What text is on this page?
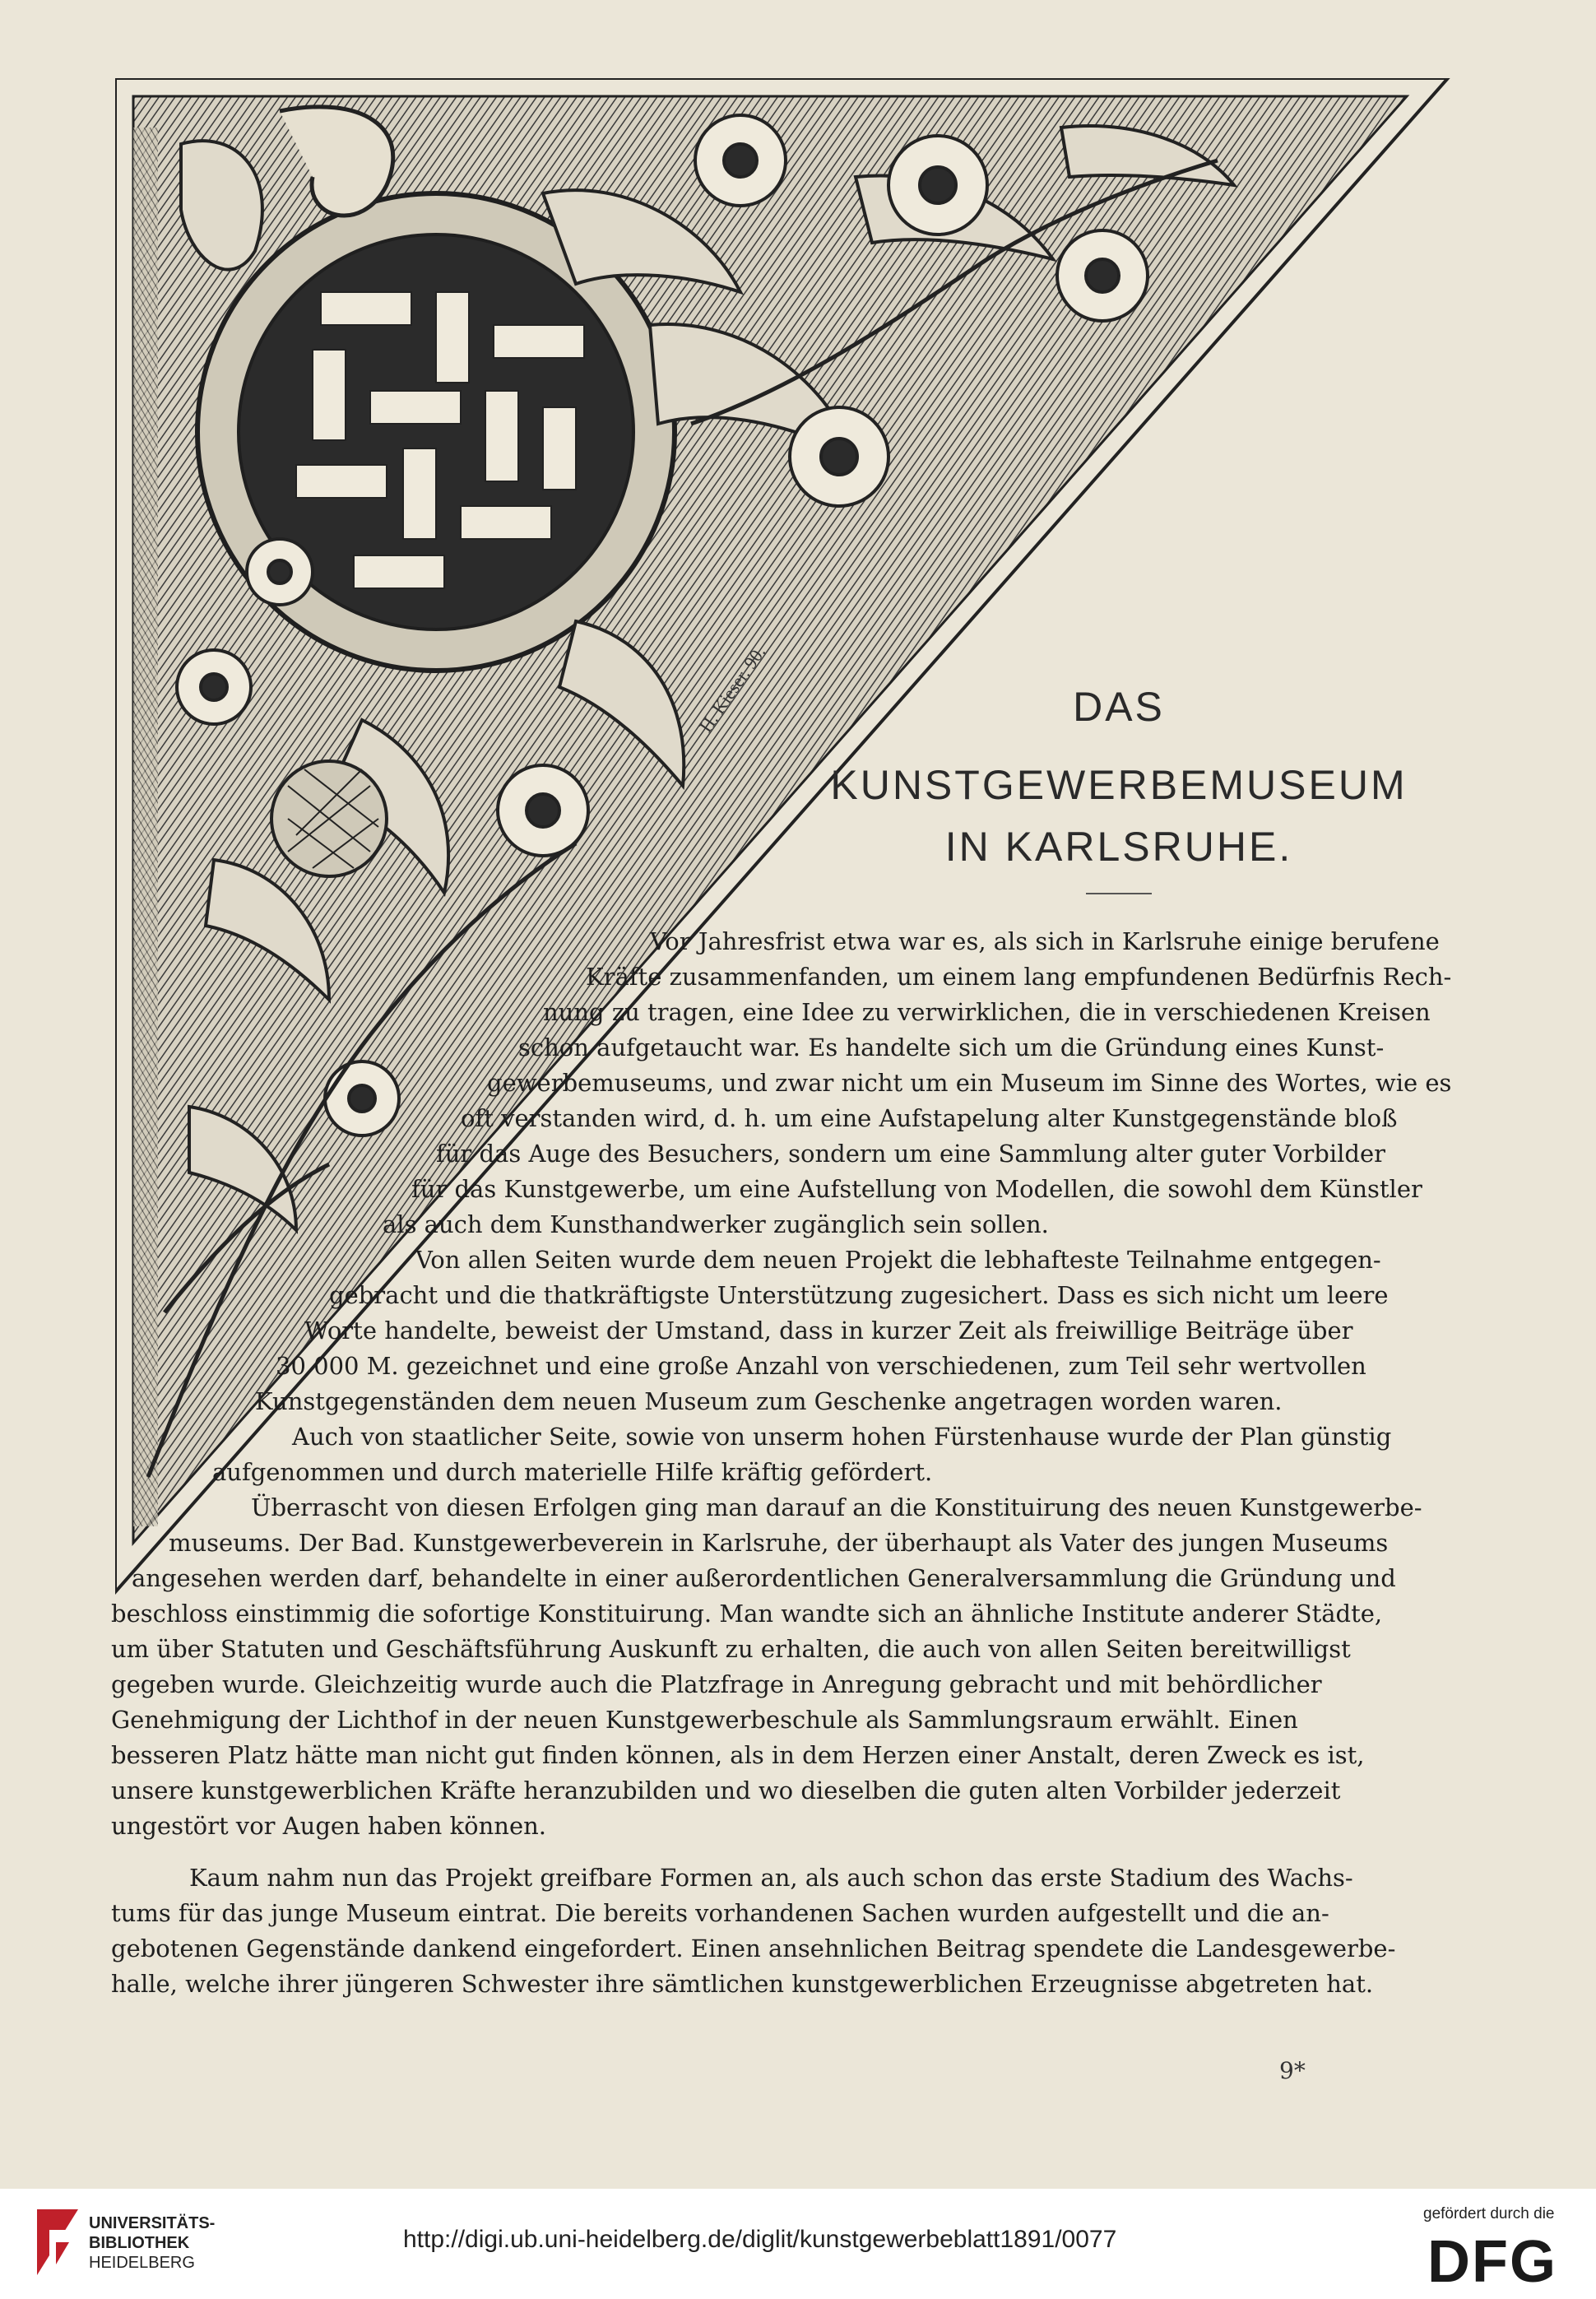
H. Kieser. 90.	DAS
KUNSTGEWERBEMUSEUM
IN KARLSRUHE.
Vor Jahresfrist etwa war es, als sich in Karlsruhe einige berufene
Kräfte zusammenfanden, um einem lang empfundenen Bedürfnis Rech-
nung zu tragen, eine Idee zu verwirklichen, die in verschiedenen Kreisen
schon aufgetaucht war. Es handelte sich um die Gründung eines Kunst-
gewerbemuseums, und zwar nicht um ein Museum im Sinne des Wortes, wie es
oft verstanden wird, d. h. um eine Aufstapelung alter Kunstgegenstände bloß
für das Auge des Besuchers, sondern um eine Sammlung alter guter Vorbilder
für das Kunstgewerbe, um eine Aufstellung von Modellen, die sowohl dem Künstler
als auch dem Kunsthandwerker zugänglich sein sollen.
Von allen Seiten wurde dem neuen Projekt die lebhafteste Teilnahme entgegen-
gebracht und die thatkräftigste Unterstützung zugesichert. Dass es sich nicht um leere
Worte handelte, beweist der Umstand, dass in kurzer Zeit als freiwillige Beiträge über
30 000 M. gezeichnet und eine große Anzahl von verschiedenen, zum Teil sehr wertvollen
Kunstgegenständen dem neuen Museum zum Geschenke angetragen worden waren.
Auch von staatlicher Seite, sowie von unserm hohen Fürstenhause wurde der Plan günstig
aufgenommen und durch materielle Hilfe kräftig gefördert.
Überrascht von diesen Erfolgen ging man darauf an die Konstituirung des neuen Kunstgewerbe-
museums. Der Bad. Kunstgewerbeverein in Karlsruhe, der überhaupt als Vater des jungen Museums
angesehen werden darf, behandelte in einer außerordentlichen Generalversammlung die Gründung und
beschloss einstimmig die sofortige Konstituirung. Man wandte sich an ähnliche Institute anderer Städte,
um über Statuten und Geschäftsführung Auskunft zu erhalten, die auch von allen Seiten bereitwilligst
gegeben wurde. Gleichzeitig wurde auch die Platzfrage in Anregung gebracht und mit behördlicher
Genehmigung der Lichthof in der neuen Kunstgewerbeschule als Sammlungsraum erwählt. Einen
besseren Platz hätte man nicht gut finden können, als in dem Herzen einer Anstalt, deren Zweck es ist,
unsere kunstgewerblichen Kräfte heranzubilden und wo dieselben die guten alten Vorbilder jederzeit
ungestört vor Augen haben können.
Kaum nahm nun das Projekt greifbare Formen an, als auch schon das erste Stadium des Wachs-
tums für das junge Museum eintrat. Die bereits vorhandenen Sachen wurden aufgestellt und die an-
gebotenen Gegenstände dankend eingefordert. Einen ansehnlichen Beitrag spendete die Landesgewerbe-
halle, welche ihrer jüngeren Schwester ihre sämtlichen kunstgewerblichen Erzeugnisse abgetreten hat.
9*
UNIVERSITÄTS-
BIBLIOTHEK
HEIDELBERG
http://digi.ub.uni-heidelberg.de/diglit/kunstgewerbeblatt1891/0077
gefördert durch die
DFG
